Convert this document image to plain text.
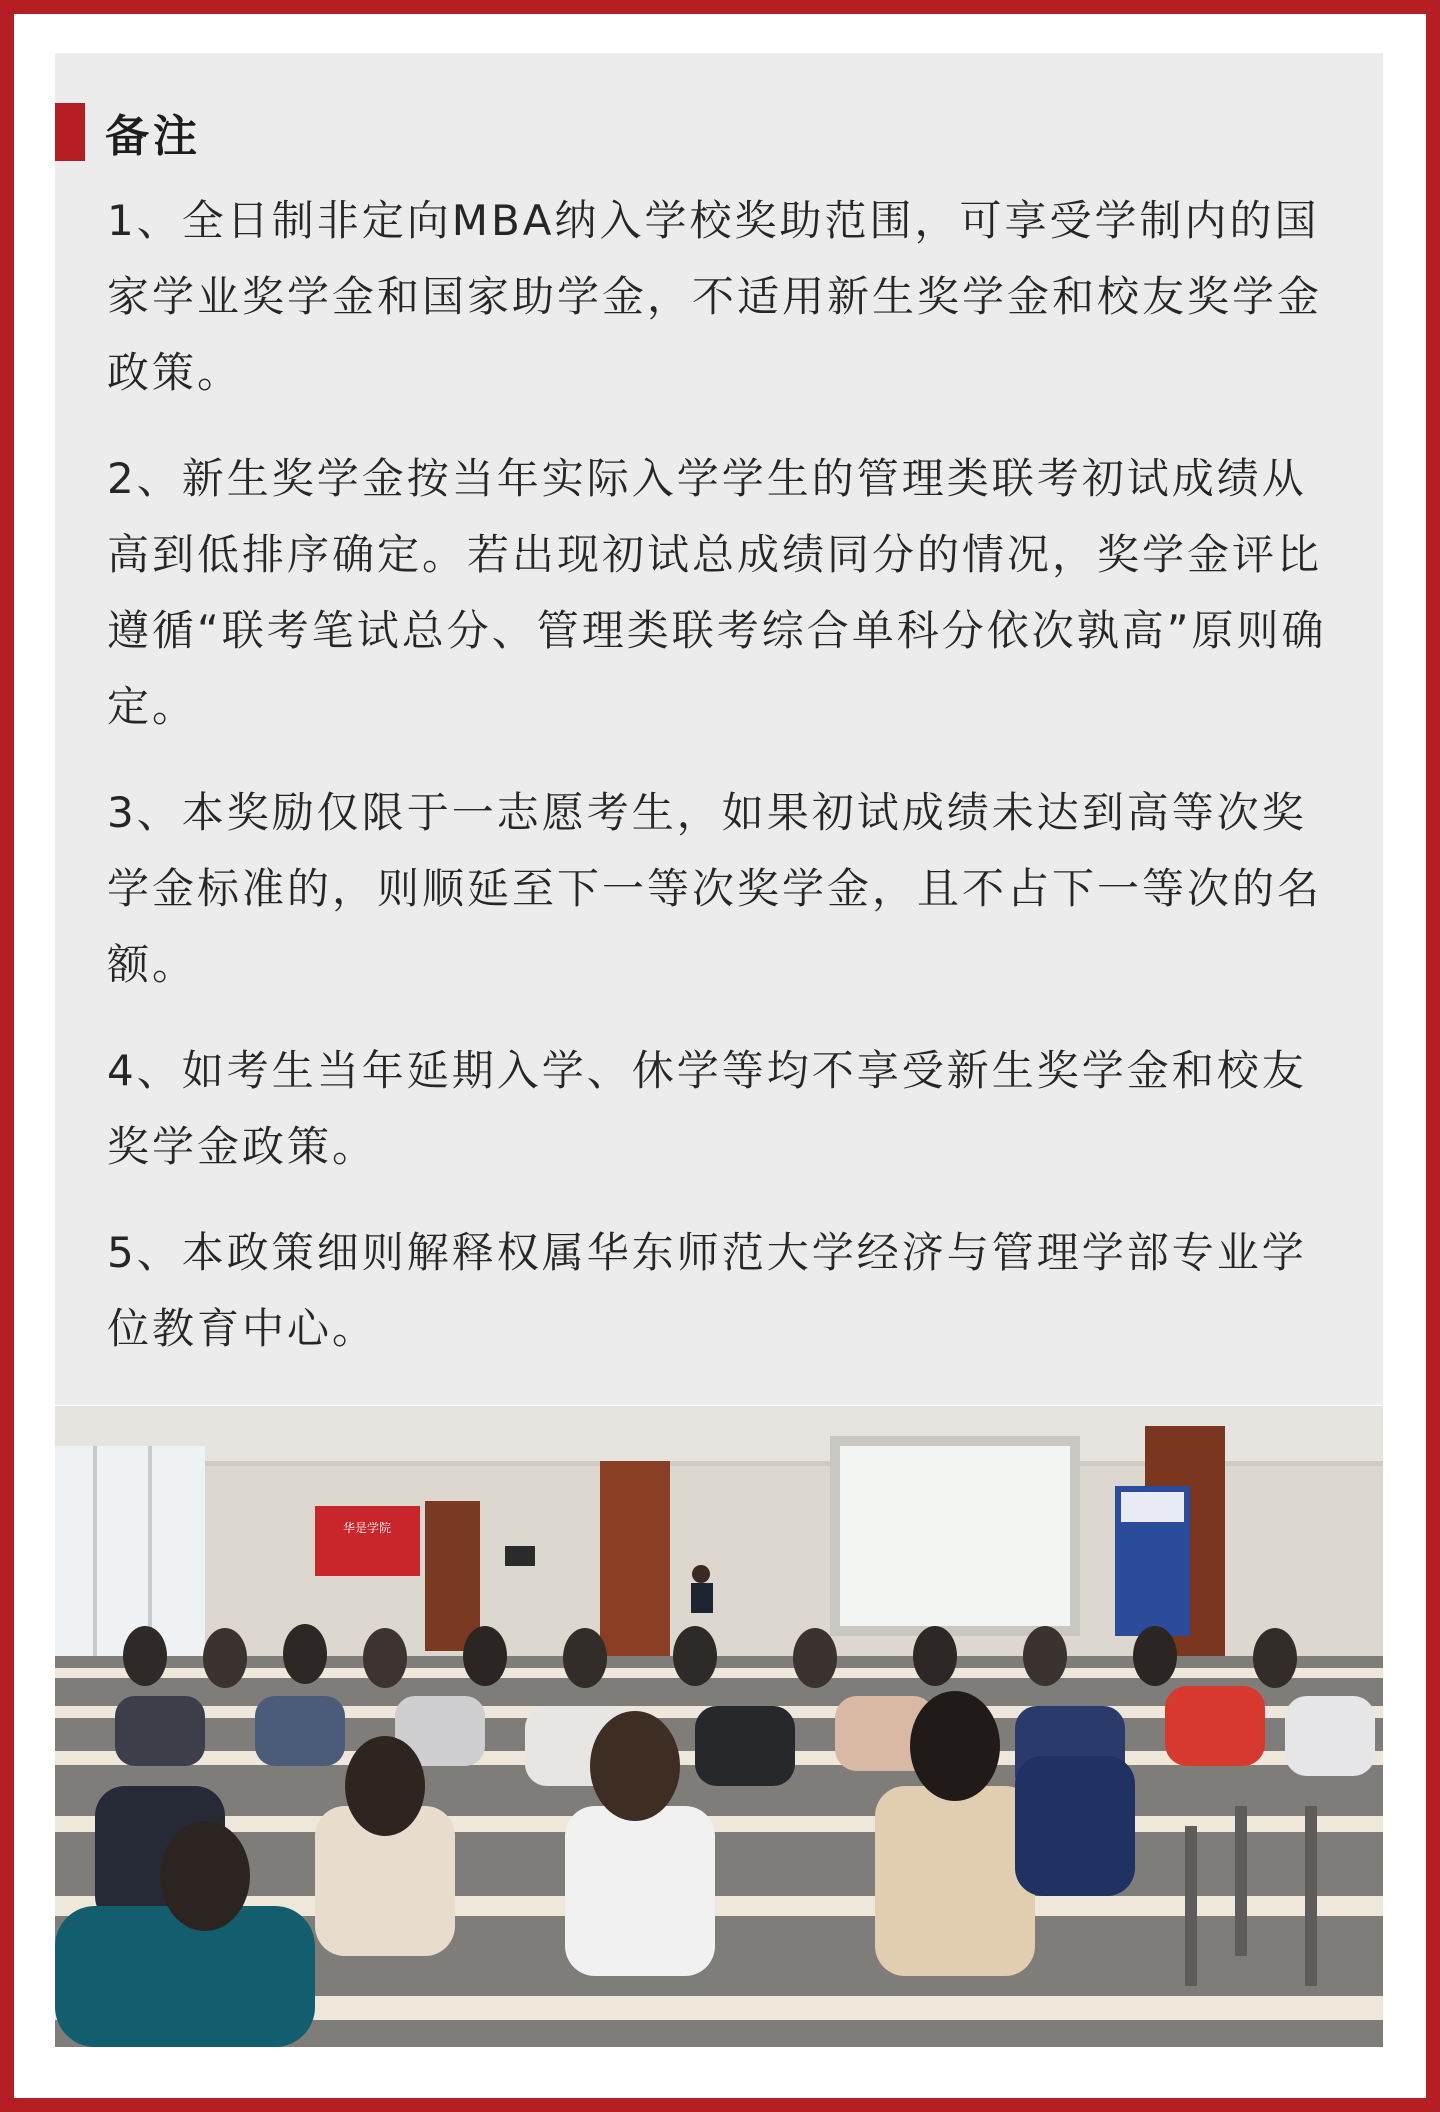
备注
1、全日制非定向MBA纳入学校奖助范围，可享受学制内的国家学业奖学金和国家助学金，不适用新生奖学金和校友奖学金政策。
2、新生奖学金按当年实际入学学生的管理类联考初试成绩从高到低排序确定。若出现初试总成绩同分的情况，奖学金评比遵循“联考笔试总分、管理类联考综合单科分依次孰高”原则确定。
3、本奖励仅限于一志愿考生，如果初试成绩未达到高等次奖学金标准的，则顺延至下一等次奖学金，且不占下一等次的名额。
4、如考生当年延期入学、休学等均不享受新生奖学金和校友奖学金政策。
5、本政策细则解释权属华东师范大学经济与管理学部专业学位教育中心。
华是学院
